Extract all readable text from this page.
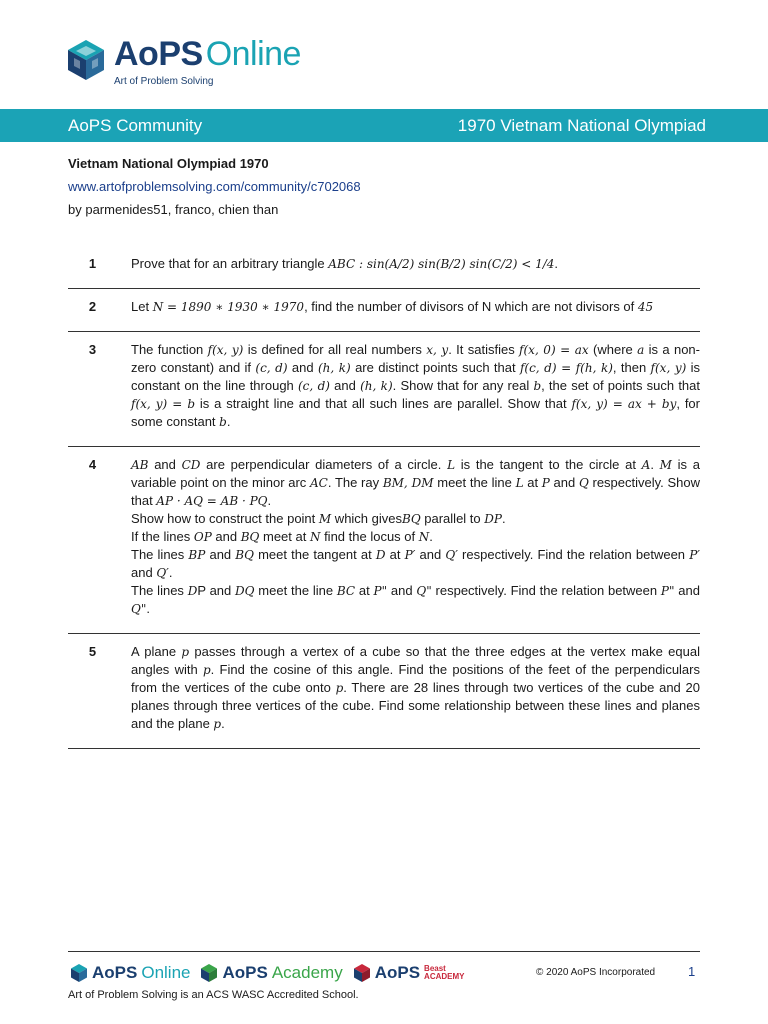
AoPSOnline
Art of Problem Solving
AoPS Community	1970 Vietnam National Olympiad
Vietnam National Olympiad 1970
www.artofproblemsolving.com/community/c702068
by parmenides51, franco, chien than
1	Prove that for an arbitrary triangle ABC : sin(A/2) sin(B/2) sin(C/2) < 1/4.

2	Let N = 1890 ∗ 1930 ∗ 1970, find the number of divisors of N which are not divisors of 45

3	The function f(x, y) is defined for all real numbers x, y. It satisfies f(x, 0) = ax (where a is a non-zero constant) and if (c, d) and (h, k) are distinct points such that f(c, d) = f(h, k), then f(x, y) is constant on the line through (c, d) and (h, k). Show that for any real b, the set of points such that f(x, y) = b is a straight line and that all such lines are parallel. Show that f(x, y) = ax + by, for some constant b.

4	AB and CD are perpendicular diameters of a circle. L is the tangent to the circle at A. M is a variable point on the minor arc AC. The ray BM, DM meet the line L at P and Q respectively. Show that AP · AQ = AB · PQ.

Show how to construct the point M which givesBQ parallel to DP.

If the lines OP and BQ meet at N find the locus of N.

The lines BP and BQ meet the tangent at D at P′ and Q′ respectively. Find the relation between P′ and Q′.

The lines DP and DQ meet the line BC at P" and Q" respectively. Find the relation between P" and Q".

5	A plane p passes through a vertex of a cube so that the three edges at the vertex make equal angles with p. Find the cosine of this angle. Find the positions of the feet of the perpendiculars from the vertices of the cube onto p. There are 28 lines through two vertices of the cube and 20 planes through three vertices of the cube. Find some relationship between these lines and planes and the plane p.

AoPS Online AoPS Academy AoPS Beast
ACADEMY	© 2020 AoPS Incorporated	1
Art of Problem Solving is an ACS WASC Accredited School.
